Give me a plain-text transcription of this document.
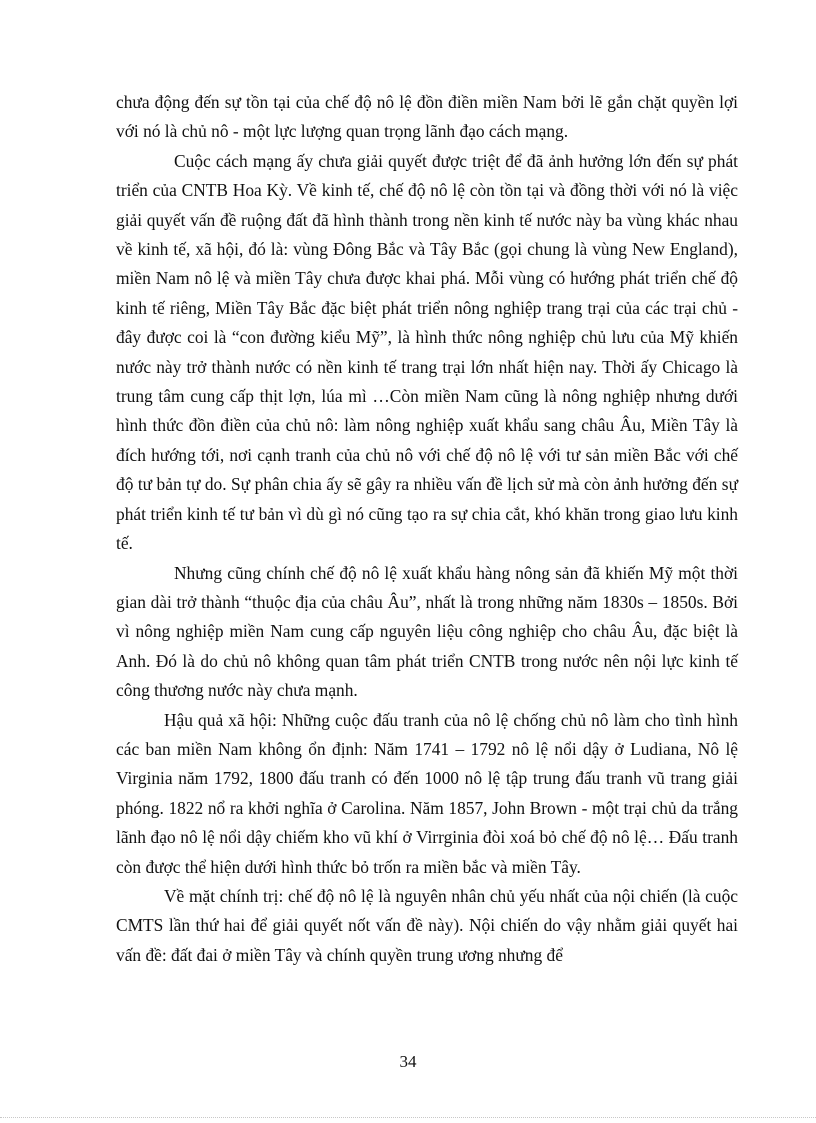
chưa động đến sự tồn tại của chế độ nô lệ đồn điền miền Nam bởi lẽ gắn chặt quyền lợi với nó là chủ nô - một lực lượng quan trọng lãnh đạo cách mạng.

Cuộc cách mạng ấy chưa giải quyết được triệt để đã ảnh hưởng lớn đến sự phát triển của CNTB Hoa Kỳ. Về kinh tế, chế độ nô lệ còn tồn tại và đồng thời với nó là việc giải quyết vấn đề ruộng đất đã hình thành trong nền kinh tế nước này ba vùng khác nhau về kinh tế, xã hội, đó là: vùng Đông Bắc và Tây Bắc (gọi chung là vùng New England), miền Nam nô lệ và miền Tây chưa được khai phá. Mỗi vùng có hướng phát triển chế độ kinh tế riêng, Miền Tây Bắc đặc biệt phát triển nông nghiệp trang trại của các trại chủ - đây được coi là “con đường kiểu Mỹ”, là hình thức nông nghiệp chủ lưu của Mỹ khiến nước này trở thành nước có nền kinh tế trang trại lớn nhất hiện nay. Thời ấy Chicago là trung tâm cung cấp thịt lợn, lúa mì …Còn miền Nam cũng là nông nghiệp nhưng dưới hình thức đồn điền của chủ nô: làm nông nghiệp xuất khẩu sang châu Âu, Miền Tây là đích hướng tới, nơi cạnh tranh của chủ nô với chế độ nô lệ với tư sản miền Bắc với chế độ tư bản tự do. Sự phân chia ấy sẽ gây ra nhiều vấn đề lịch sử mà còn ảnh hưởng đến sự phát triển kinh tế tư bản vì dù gì nó cũng tạo ra sự chia cắt, khó khăn trong giao lưu kinh tế.

Nhưng cũng chính chế độ nô lệ xuất khẩu hàng nông sản đã khiến Mỹ một thời gian dài trở thành “thuộc địa của châu Âu”, nhất là trong những năm 1830s – 1850s. Bởi vì nông nghiệp miền Nam cung cấp nguyên liệu công nghiệp cho châu Âu, đặc biệt là Anh. Đó là do chủ nô không quan tâm phát triển CNTB trong nước nên nội lực kinh tế công thương nước này chưa mạnh.

Hậu quả xã hội: Những cuộc đấu tranh của nô lệ chống chủ nô làm cho tình hình các ban miền Nam không ổn định: Năm 1741 – 1792 nô lệ nổi dậy ở Ludiana, Nô lệ Virginia năm 1792, 1800 đấu tranh có đến 1000 nô lệ tập trung đấu tranh vũ trang giải phóng. 1822 nổ ra khởi nghĩa ở Carolina. Năm 1857, John Brown - một trại chủ da trắng lãnh đạo nô lệ nổi dậy chiếm kho vũ khí ở Virrginia đòi xoá bỏ chế độ nô lệ… Đấu tranh còn được thể hiện dưới hình thức bỏ trốn ra miền bắc và miền Tây.

Về mặt chính trị: chế độ nô lệ là nguyên nhân chủ yếu nhất của nội chiến (là cuộc CMTS lần thứ hai để giải quyết nốt vấn đề này). Nội chiến do vậy nhằm giải quyết hai vấn đề: đất đai ở miền Tây và chính quyền trung ương nhưng để

34
